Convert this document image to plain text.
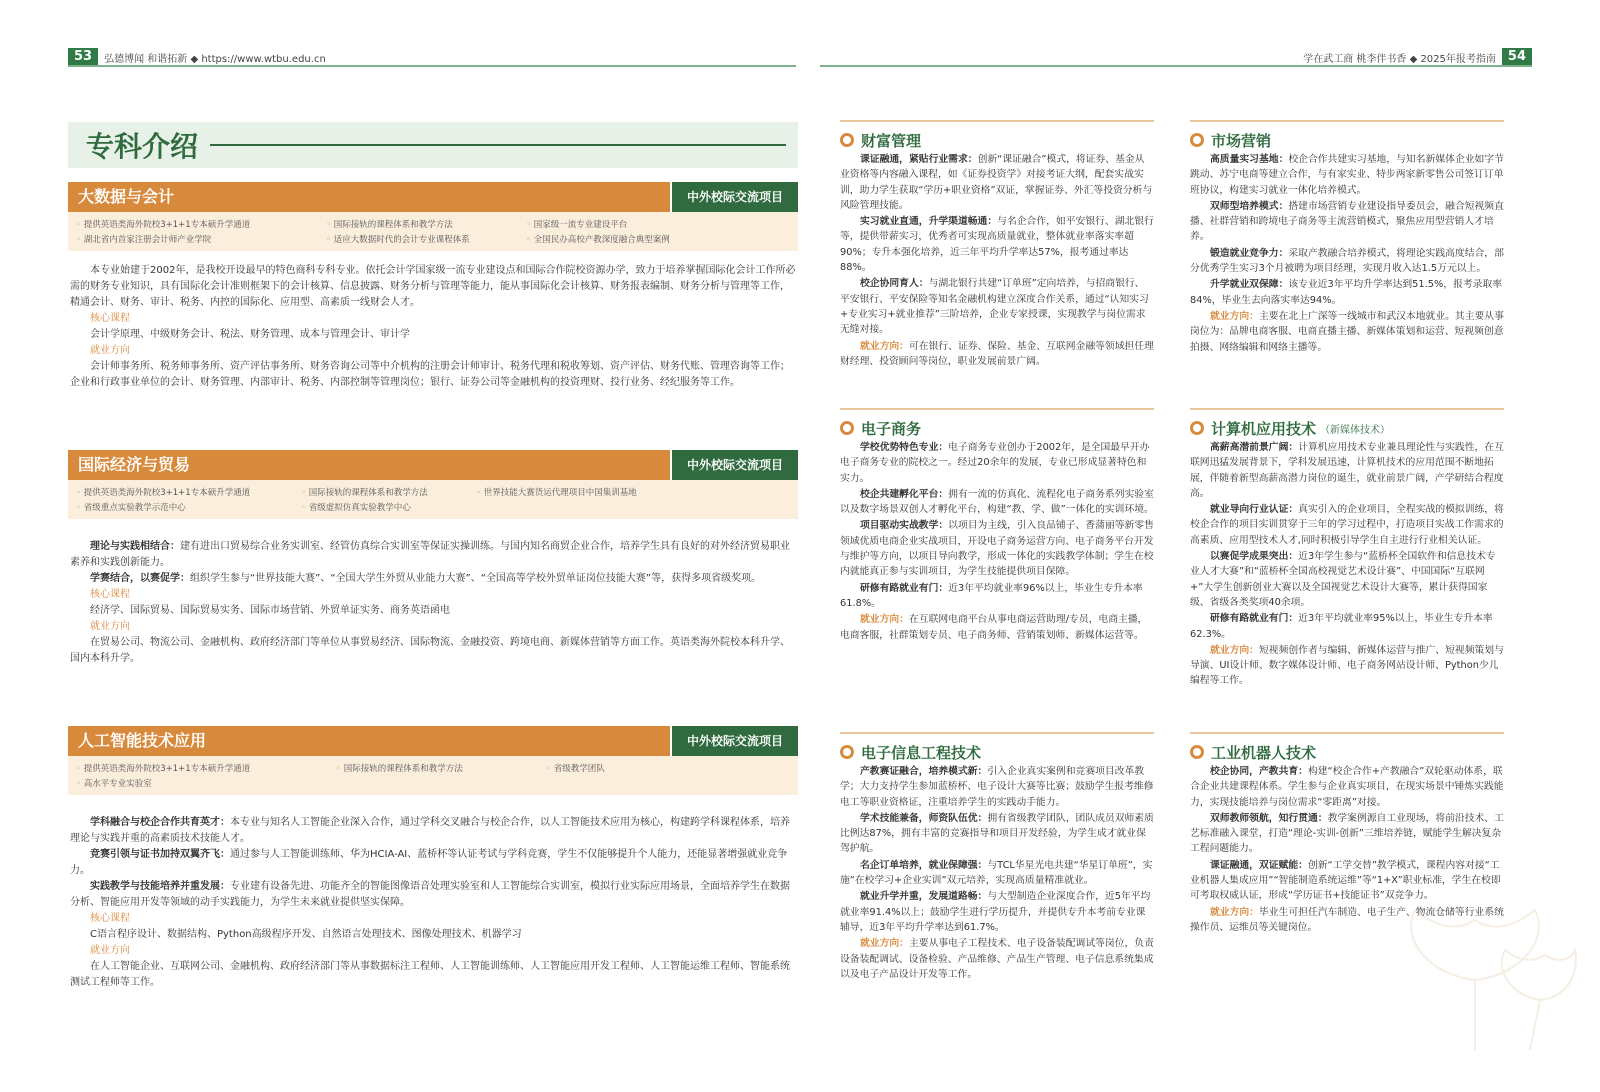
53	弘德博闻 和谐拓新 ◆ https://www.wtbu.edu.cn	学在武工商 桃李伴书香 ◆ 2025年报考指南 54
专科介绍
大数据与会计	中外校际交流项目
◦ 提供英语类海外院校3+1+1专本硕升学通道	◦ 国际接轨的课程体系和教学方法	◦ 国家级一流专业建设平台
◦ 湖北省内首家注册会计师产业学院	◦ 适应大数据时代的会计专业课程体系	◦ 全国民办高校产教深度融合典型案例

本专业始建于2002年，是我校开设最早的特色商科专科专业。依托会计学国家级一流专业建设点和国际合作院校资源办学，致力于培养掌握国际化会计工作所必需的财务专业知识，具有国际化会计准则框架下的会计核算、信息披露、财务分析与管理等能力，能从事国际化会计核算、财务报表编制、财务分析与管理等工作，精通会计、财务、审计、税务、内控的国际化、应用型、高素质一线财会人才。

核心课程

会计学原理、中级财务会计、税法、财务管理、成本与管理会计、审计学

就业方向

会计师事务所、税务师事务所、资产评估事务所、财务咨询公司等中介机构的注册会计师审计、税务代理和税收筹划、资产评估、财务代账、管理咨询等工作；企业和行政事业单位的会计、财务管理、内部审计、税务、内部控制等管理岗位；银行、证券公司等金融机构的投资理财、投行业务、经纪服务等工作。

国际经济与贸易	中外校际交流项目
◦ 提供英语类海外院校3+1+1专本硕升学通道	◦ 国际接轨的课程体系和教学方法	◦ 世界技能大赛货运代理项目中国集训基地
◦ 省级重点实验教学示范中心	◦ 省级虚拟仿真实验教学中心

理论与实践相结合：建有进出口贸易综合业务实训室、经管仿真综合实训室等保证实操训练。与国内知名商贸企业合作，培养学生具有良好的对外经济贸易职业素养和实践创新能力。

学赛结合，以赛促学：组织学生参与“世界技能大赛”、“全国大学生外贸从业能力大赛”、“全国高等学校外贸单证岗位技能大赛”等，获得多项省级奖项。

核心课程

经济学、国际贸易、国际贸易实务、国际市场营销、外贸单证实务、商务英语函电

就业方向

在贸易公司、物流公司、金融机构、政府经济部门等单位从事贸易经济、国际物流、金融投资、跨境电商、新媒体营销等方面工作。英语类海外院校本科升学、国内本科升学。

人工智能技术应用	中外校际交流项目
◦ 提供英语类海外院校3+1+1专本硕升学通道	◦ 国际接轨的课程体系和教学方法	◦ 省级教学团队
◦ 高水平专业实验室

学科融合与校企合作共育英才：本专业与知名人工智能企业深入合作，通过学科交叉融合与校企合作，以人工智能技术应用为核心，构建跨学科课程体系，培养理论与实践并重的高素质技术技能人才。

竞赛引领与证书加持双翼齐飞：通过参与人工智能训练师、华为HCIA-AI、蓝桥杯等认证考试与学科竞赛，学生不仅能够提升个人能力，还能显著增强就业竞争力。

实践教学与技能培养并重发展：专业建有设备先进、功能齐全的智能图像语音处理实验室和人工智能综合实训室，模拟行业实际应用场景，全面培养学生在数据分析、智能应用开发等领域的动手实践能力，为学生未来就业提供坚实保障。

核心课程

C语言程序设计、数据结构、Python高级程序开发、自然语言处理技术、图像处理技术、机器学习

就业方向

在人工智能企业、互联网公司、金融机构、政府经济部门等从事数据标注工程师、人工智能训练师、人工智能应用开发工程师、人工智能运维工程师、智能系统测试工程师等工作。

财富管理

课证融通，紧贴行业需求：创新“课证融合”模式，将证券、基金从业资格等内容融入课程，如《证券投资学》对接考证大纲，配套实战实训，助力学生获取“学历+职业资格”双证，掌握证券、外汇等投资分析与风险管理技能。

实习就业直通，升学渠道畅通：与名企合作，如平安银行、湖北银行等，提供带薪实习，优秀者可实现高质量就业，整体就业率落实率超90%；专升本强化培养，近三年平均升学率达57%，报考通过率达88%。

校企协同育人：与湖北银行共建“订单班”定向培养，与招商银行、平安银行、平安保险等知名金融机构建立深度合作关系，通过“认知实习+专业实习+就业推荐”三阶培养，企业专家授课，实现教学与岗位需求无缝对接。

就业方向：可在银行、证券、保险、基金、互联网金融等领域担任理财经理、投资顾问等岗位，职业发展前景广阔。

市场营销

高质量实习基地：校企合作共建实习基地，与知名新媒体企业如字节跳动、苏宁电商等建立合作，与有家实业、特步两家新零售公司签订订单班协议，构建实习就业一体化培养模式。

双师型培养模式：搭建市场营销专业建设指导委员会，融合短视频直播、社群营销和跨境电子商务等主流营销模式，聚焦应用型营销人才培养。

锻造就业竞争力：采取产教融合培养模式，将理论实践高度结合，部分优秀学生实习3个月被聘为项目经理，实现月收入达1.5万元以上。

升学就业双保障：该专业近3年平均升学率达到51.5%，报考录取率84%，毕业生去向落实率达94%。

就业方向：主要在北上广深等一线城市和武汉本地就业。其主要从事岗位为：品牌电商客服、电商直播主播、新媒体策划和运营、短视频创意拍摄、网络编辑和网络主播等。

电子商务

学校优势特色专业：电子商务专业创办于2002年，是全国最早开办电子商务专业的院校之一。经过20余年的发展，专业已形成显著特色和实力。

校企共建孵化平台：拥有一流的仿真化、流程化电子商务系列实验室以及数字场景双创人才孵化平台，构建“教、学、做”一体化的实训环境。

项目驱动实战教学：以项目为主线，引入良品铺子、香蒲丽等新零售领域优质电商企业实战项目，开设电子商务运营方向、电子商务平台开发与维护等方向，以项目导向教学，形成一体化的实践教学体制；学生在校内就能真正参与实训项目，为学生技能提供项目保障。

研修有路就业有门：近3年平均就业率96%以上，毕业生专升本率61.8%。

就业方向：在互联网电商平台从事电商运营助理/专员，电商主播，电商客服，社群策划专员、电子商务师、营销策划师、新媒体运营等。

计算机应用技术 （新媒体技术）

高薪高潜前景广阔：计算机应用技术专业兼具理论性与实践性，在互联网迅猛发展背景下，学科发展迅速，计算机技术的应用范围不断地拓展，伴随着新型高薪高潜力岗位的诞生，就业前景广阔，产学研结合程度高。

就业导向行业认证：真实引入的企业项目，全程实战的模拟训练，将校企合作的项目实训贯穿于三年的学习过程中，打造项目实战工作需求的高素质、应用型技术人才,同时积极引导学生自主进行行业相关认证。

以赛促学成果突出：近3年学生参与“蓝桥杯全国软件和信息技术专业人才大赛”和“蓝桥杯全国高校视觉艺术设计赛”、中国国际“互联网+”大学生创新创业大赛以及全国视觉艺术设计大赛等，累计获得国家级、省级各类奖项40余项。

研修有路就业有门：近3年平均就业率95%以上，毕业生专升本率62.3%。

就业方向：短视频创作者与编辑、新媒体运营与推广、短视频策划与导演、UI设计师、数字媒体设计师、电子商务网站设计师、Python少儿编程等工作。

电子信息工程技术

产教赛证融合，培养模式新：引入企业真实案例和竞赛项目改革教学；大力支持学生参加蓝桥杯、电子设计大赛等比赛；鼓励学生报考维修电工等职业资格证，注重培养学生的实践动手能力。

学术技能兼备，师资队伍优：拥有省级教学团队，团队成员双师素质比例达87%，拥有丰富的竞赛指导和项目开发经验，为学生成才就业保驾护航。

名企订单培养，就业保障强：与TCL华星光电共建“华星订单班”，实施“在校学习+企业实训”双元培养，实现高质量精准就业。

就业升学并重，发展道路畅：与大型制造企业深度合作，近5年平均就业率91.4%以上；鼓励学生进行学历提升，并提供专升本考前专业课辅导，近3年平均升学率达到61.7%。

就业方向：主要从事电子工程技术、电子设备装配调试等岗位，负责设备装配调试、设备检验、产品维修、产品生产管理、电子信息系统集成以及电子产品设计开发等工作。

工业机器人技术

校企协同，产教共育：构建“校企合作+产教融合”双轮驱动体系，联合企业共建课程体系。学生参与企业真实项目，在现实场景中锤炼实践能力，实现技能培养与岗位需求“零距离”对接。

双师教师领航，知行贯通：教学案例源自工业现场，将前沿技术、工艺标准融入课堂，打造“理论-实训-创新”三维培养链，赋能学生解决复杂工程问题能力。

课证融通，双证赋能：创新“工学交替”教学模式，课程内容对接“工业机器人集成应用”“智能制造系统运维”等“1+X”职业标准，学生在校即可考取权威认证，形成“学历证书+技能证书”双竞争力。

就业方向：毕业生可担任汽车制造、电子生产、物流仓储等行业系统操作员、运维员等关键岗位。
